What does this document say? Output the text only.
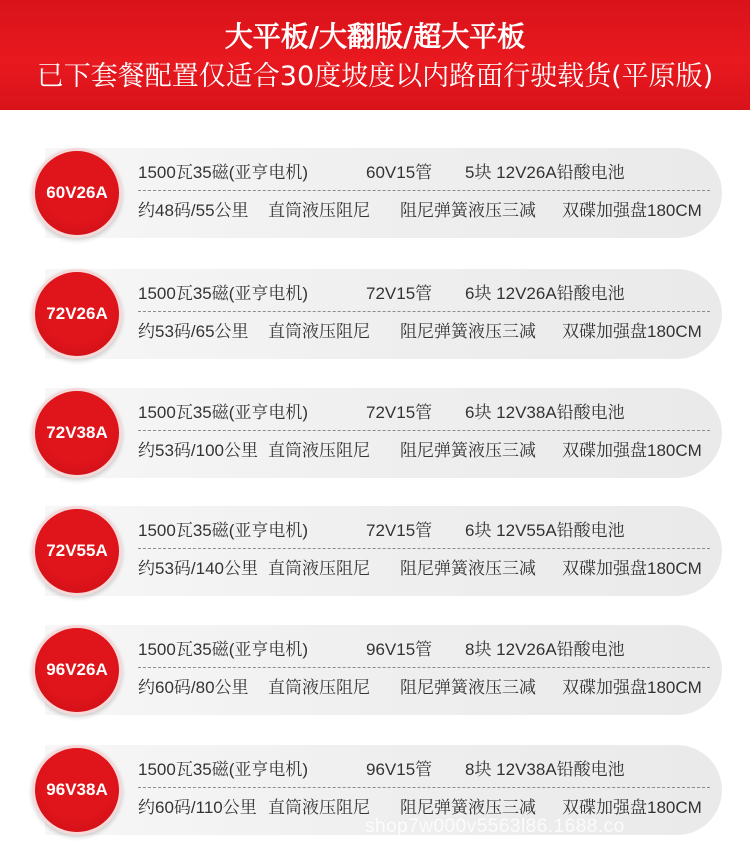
大平板/大翻版/超大平板
已下套餐配置仅适合30度坡度以内路面行驶载货(平原版)
60V26A
1500瓦35磁(亚亨电机)	60V15管 5块 12V26A铅酸电池
约48码/55公里 直筒液压阻尼 阻尼弹簧液压三减 双碟加强盘180CM
72V26A
1500瓦35磁(亚亨电机)	72V15管 6块 12V26A铅酸电池
约53码/65公里 直筒液压阻尼 阻尼弹簧液压三减 双碟加强盘180CM
72V38A
1500瓦35磁(亚亨电机)	72V15管 6块 12V38A铅酸电池
约53码/100公里 直筒液压阻尼 阻尼弹簧液压三减 双碟加强盘180CM
72V55A
1500瓦35磁(亚亨电机)	72V15管 6块 12V55A铅酸电池
约53码/140公里 直筒液压阻尼 阻尼弹簧液压三减 双碟加强盘180CM
96V26A
1500瓦35磁(亚亨电机)	96V15管 8块 12V26A铅酸电池
约60码/80公里 直筒液压阻尼 阻尼弹簧液压三减 双碟加强盘180CM
96V38A
1500瓦35磁(亚亨电机)	96V15管 8块 12V38A铅酸电池
约60码/110公里 直筒液压阻尼 阻尼弹簧液压三减 双碟加强盘180CM
shop7w000v5563l86.1688.co
